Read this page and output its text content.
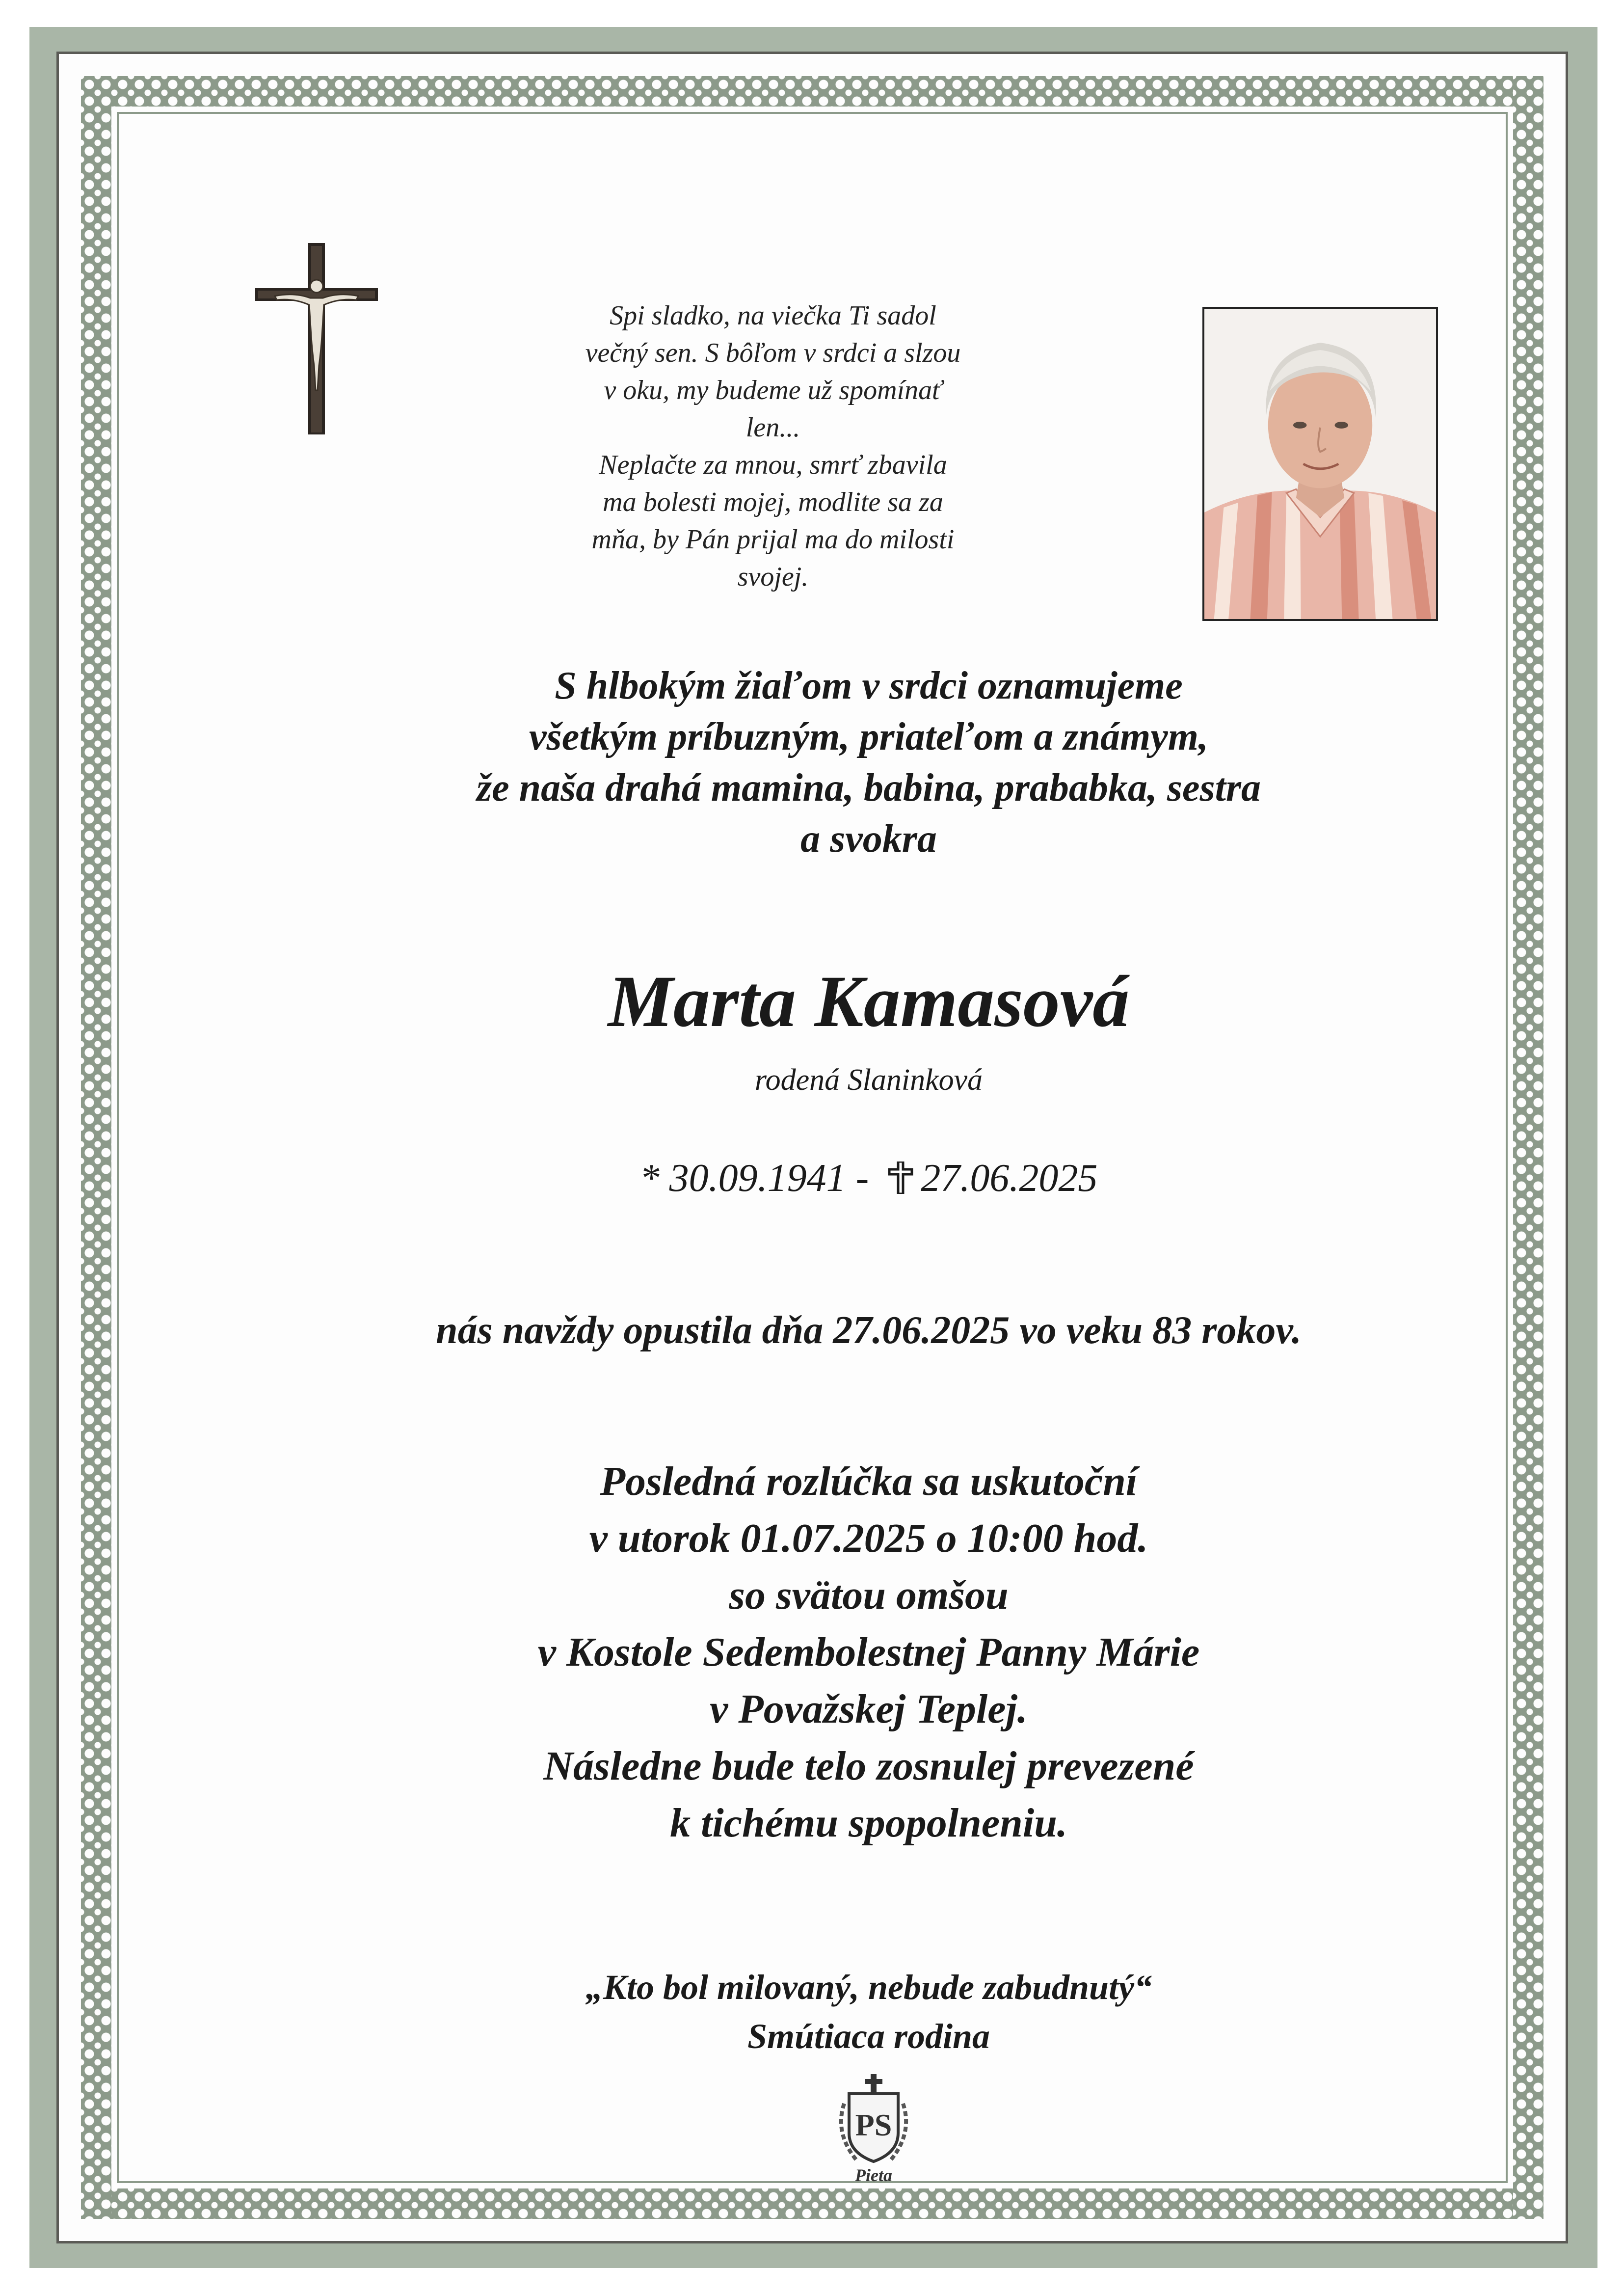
Spi sladko, na viečka Ti sadol
večný sen. S bôľom v srdci a slzou
v oku, my budeme už spomínať
len...
Neplačte za mnou, smrť zbavila
ma bolesti mojej, modlite sa za
mňa, by Pán prijal ma do milosti
svojej.
S hlbokým žiaľom v srdci oznamujeme
všetkým príbuzným, priateľom a známym,
že naša drahá mamina, babina, prababka, sestra
a svokra
Marta Kamasová
rodená Slaninková
* 30.09.1941 - 27.06.2025
nás navždy opustila dňa 27.06.2025 vo veku 83 rokov.
Posledná rozlúčka sa uskutoční
v utorok 01.07.2025 o 10:00 hod.
so svätou omšou
v Kostole Sedembolestnej Panny Márie
v Považskej Teplej.
Následne bude telo zosnulej prevezené
k tichému spopolneniu.
„Kto bol milovaný, nebude zabudnutý“
Smútiaca rodina
PS
Pieta
